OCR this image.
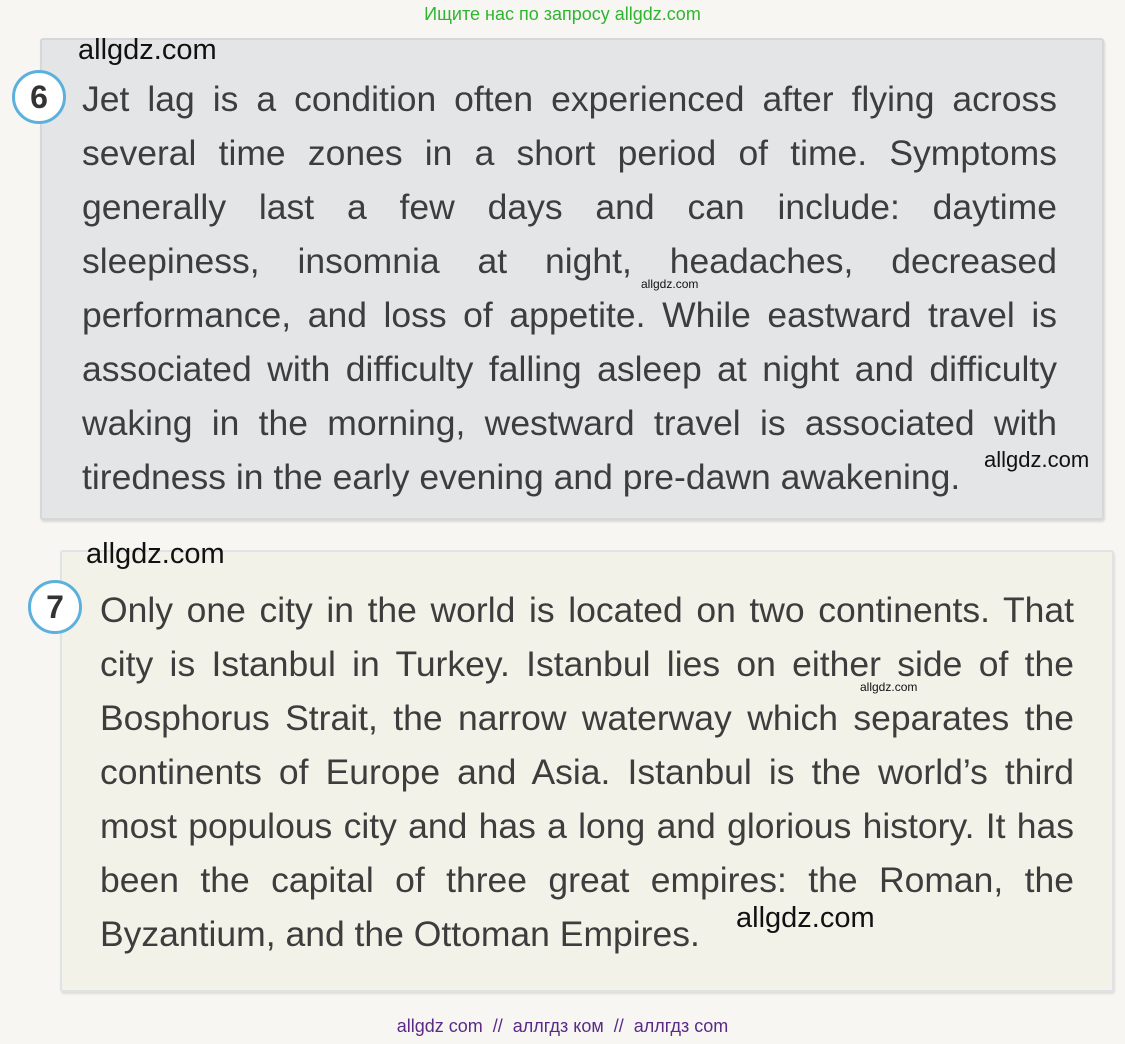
Ищите нас по запросу allgdz.com
6 Jet lag is a condition often experienced after flying across several time zones in a short period of time. Symptoms generally last a few days and can include: daytime sleepiness, insomnia at night, headaches, decreased performance, and loss of appetite. While eastward travel is associated with difficulty falling asleep at night and difficulty waking in the morning, westward travel is associated with tiredness in the early evening and pre-dawn awakening.

7	Only one city in the world is located on two continents. That city is Istanbul in Turkey. Istanbul lies on either side of the Bosphorus Strait, the narrow waterway which separates the continents of Europe and Asia. Istanbul is the world’s third most populous city and has a long and glorious history. It has been the capital of three great empires: the Roman, the Byzantium, and the Ottoman Empires.

allgdz.com
allgdz.com
allgdz.com
allgdz.com
allgdz.com
allgdz.com
allgdz com  //  аллгдз ком  //  аллгдз com
